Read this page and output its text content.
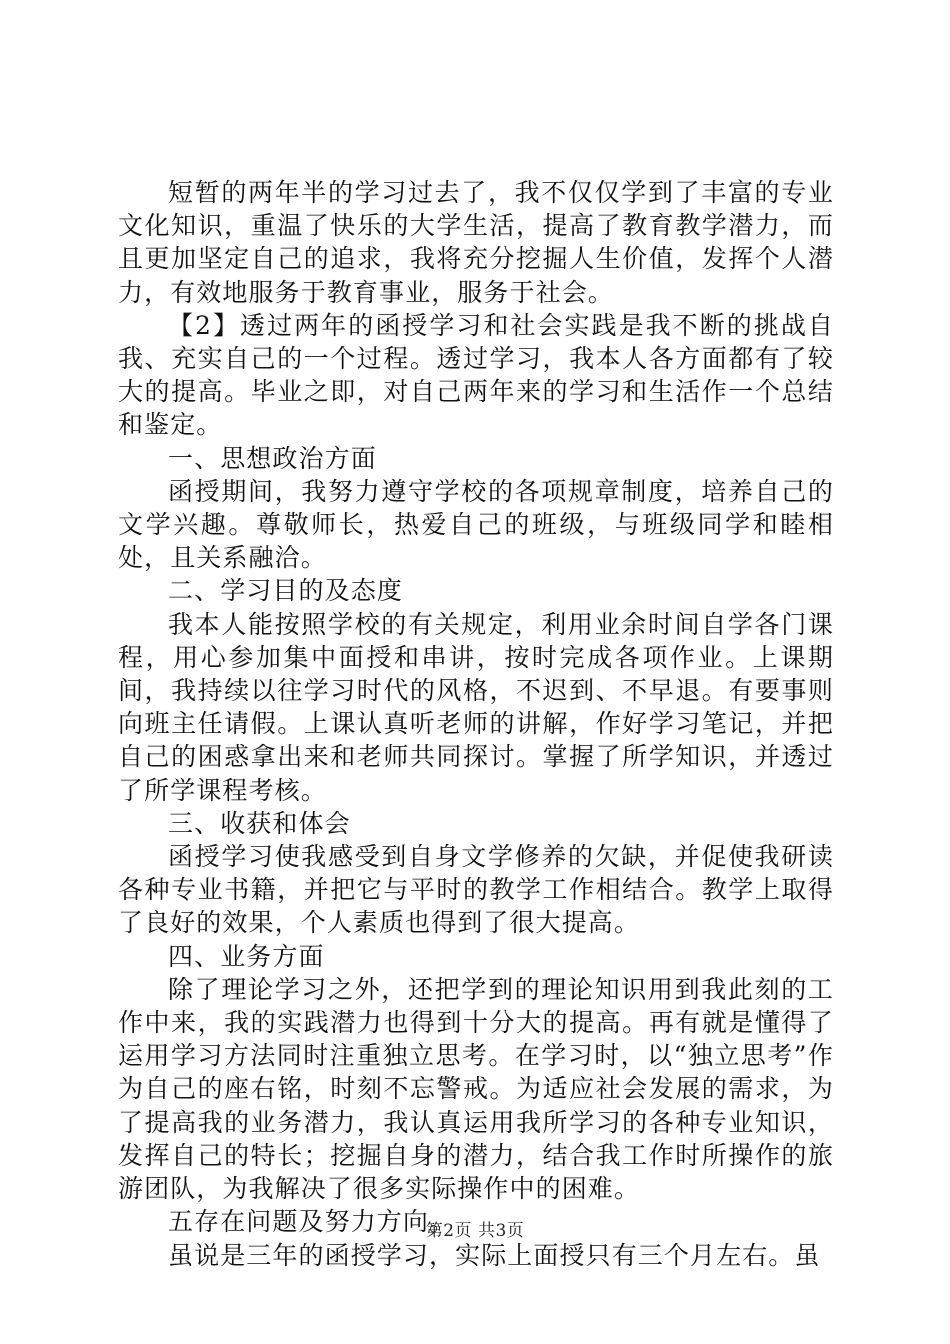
短暂的两年半的学习过去了，我不仅仅学到了丰富的专业文化知识，重温了快乐的大学生活，提高了教育教学潜力，而且更加坚定自己的追求，我将充分挖掘人生价值，发挥个人潜力，有效地服务于教育事业，服务于社会。

【2】透过两年的函授学习和社会实践是我不断的挑战自我、充实自己的一个过程。透过学习，我本人各方面都有了较大的提高。毕业之即，对自己两年来的学习和生活作一个总结和鉴定。

一、思想政治方面

函授期间，我努力遵守学校的各项规章制度，培养自己的文学兴趣。尊敬师长，热爱自己的班级，与班级同学和睦相处，且关系融洽。

二、学习目的及态度

我本人能按照学校的有关规定，利用业余时间自学各门课程，用心参加集中面授和串讲，按时完成各项作业。上课期间，我持续以往学习时代的风格，不迟到、不早退。有要事则向班主任请假。上课认真听老师的讲解，作好学习笔记，并把自己的困惑拿出来和老师共同探讨。掌握了所学知识，并透过了所学课程考核。

三、收获和体会

函授学习使我感受到自身文学修养的欠缺，并促使我研读各种专业书籍，并把它与平时的教学工作相结合。教学上取得了良好的效果，个人素质也得到了很大提高。

四、业务方面

除了理论学习之外，还把学到的理论知识用到我此刻的工作中来，我的实践潜力也得到十分大的提高。再有就是懂得了运用学习方法同时注重独立思考。在学习时，以“独立思考”作为自己的座右铭，时刻不忘警戒。为适应社会发展的需求，为了提高我的业务潜力，我认真运用我所学习的各种专业知识，发挥自己的特长；挖掘自身的潜力，结合我工作时所操作的旅游团队，为我解决了很多实际操作中的困难。

五存在问题及努力方向。

虽说是三年的函授学习，实际上面授只有三个月左右。虽

第2页 共3页
